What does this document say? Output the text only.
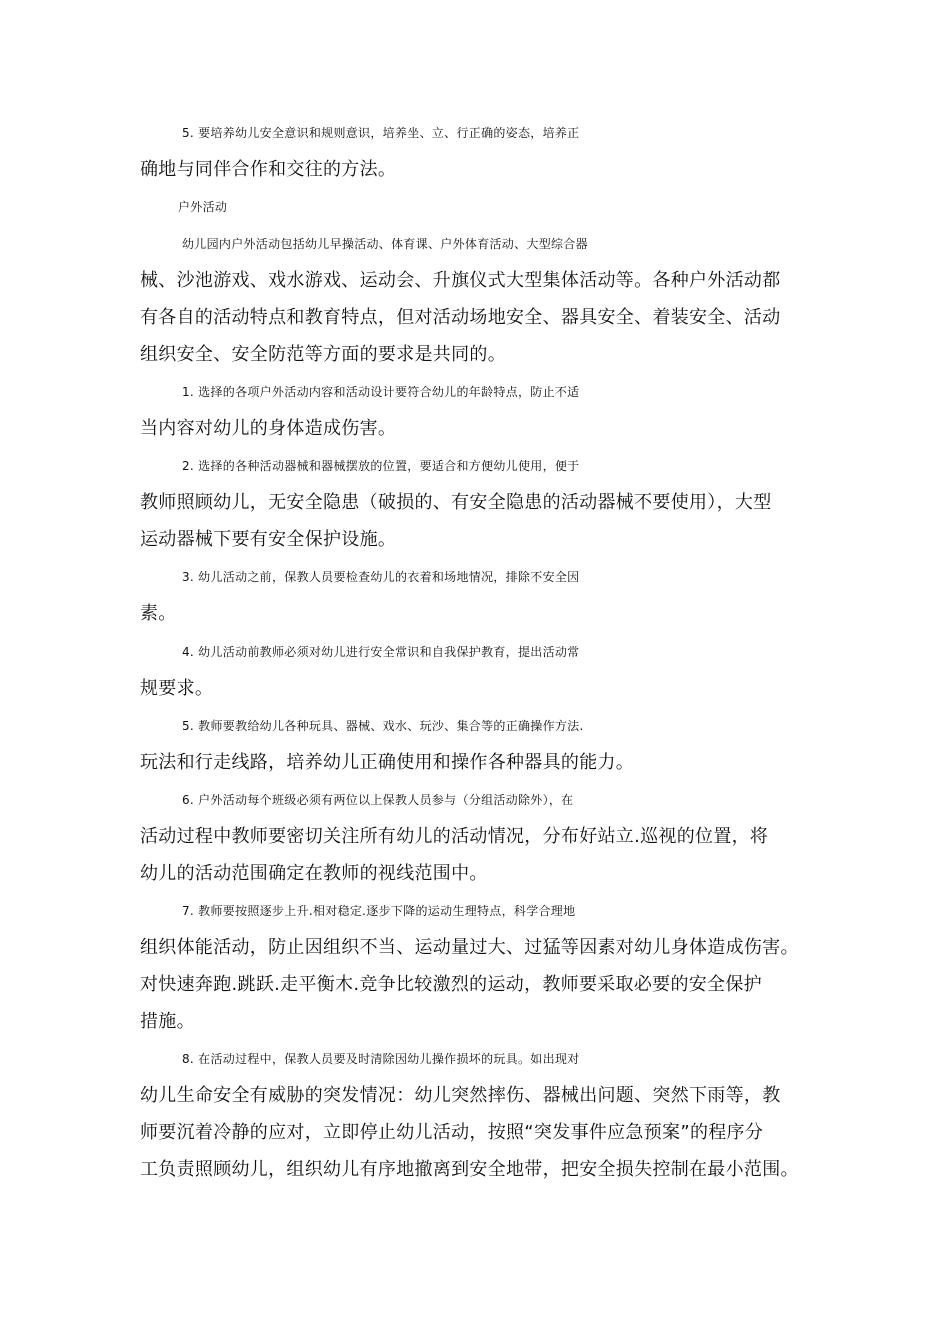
5. 要培养幼儿安全意识和规则意识，培养坐、立、行正确的姿态，培养正
确地与同伴合作和交往的方法。
户外活动
幼儿园内户外活动包括幼儿早操活动、体育课、户外体育活动、大型综合器
械、沙池游戏、戏水游戏、运动会、升旗仪式大型集体活动等。各种户外活动都
有各自的活动特点和教育特点，但对活动场地安全、器具安全、着装安全、活动
组织安全、安全防范等方面的要求是共同的。
1. 选择的各项户外活动内容和活动设计要符合幼儿的年龄特点，防止不适
当内容对幼儿的身体造成伤害。
2. 选择的各种活动器械和器械摆放的位置，要适合和方便幼儿使用，便于
教师照顾幼儿，无安全隐患（破损的、有安全隐患的活动器械不要使用），大型
运动器械下要有安全保护设施。
3. 幼儿活动之前，保教人员要检查幼儿的衣着和场地情况，排除不安全因
素。
4. 幼儿活动前教师必须对幼儿进行安全常识和自我保护教育，提出活动常
规要求。
5. 教师要教给幼儿各种玩具、器械、戏水、玩沙、集合等的正确操作方法.
玩法和行走线路，培养幼儿正确使用和操作各种器具的能力。
6. 户外活动每个班级必须有两位以上保教人员参与（分组活动除外），在
活动过程中教师要密切关注所有幼儿的活动情况，分布好站立.巡视的位置，将
幼儿的活动范围确定在教师的视线范围中。
7. 教师要按照逐步上升.相对稳定.逐步下降的运动生理特点，科学合理地
组织体能活动，防止因组织不当、运动量过大、过猛等因素对幼儿身体造成伤害。
对快速奔跑.跳跃.走平衡木.竞争比较激烈的运动，教师要采取必要的安全保护
措施。
8. 在活动过程中，保教人员要及时清除因幼儿操作损坏的玩具。如出现对
幼儿生命安全有威胁的突发情况：幼儿突然摔伤、器械出问题、突然下雨等，教
师要沉着冷静的应对，立即停止幼儿活动，按照“突发事件应急预案”的程序分
工负责照顾幼儿，组织幼儿有序地撤离到安全地带，把安全损失控制在最小范围。
